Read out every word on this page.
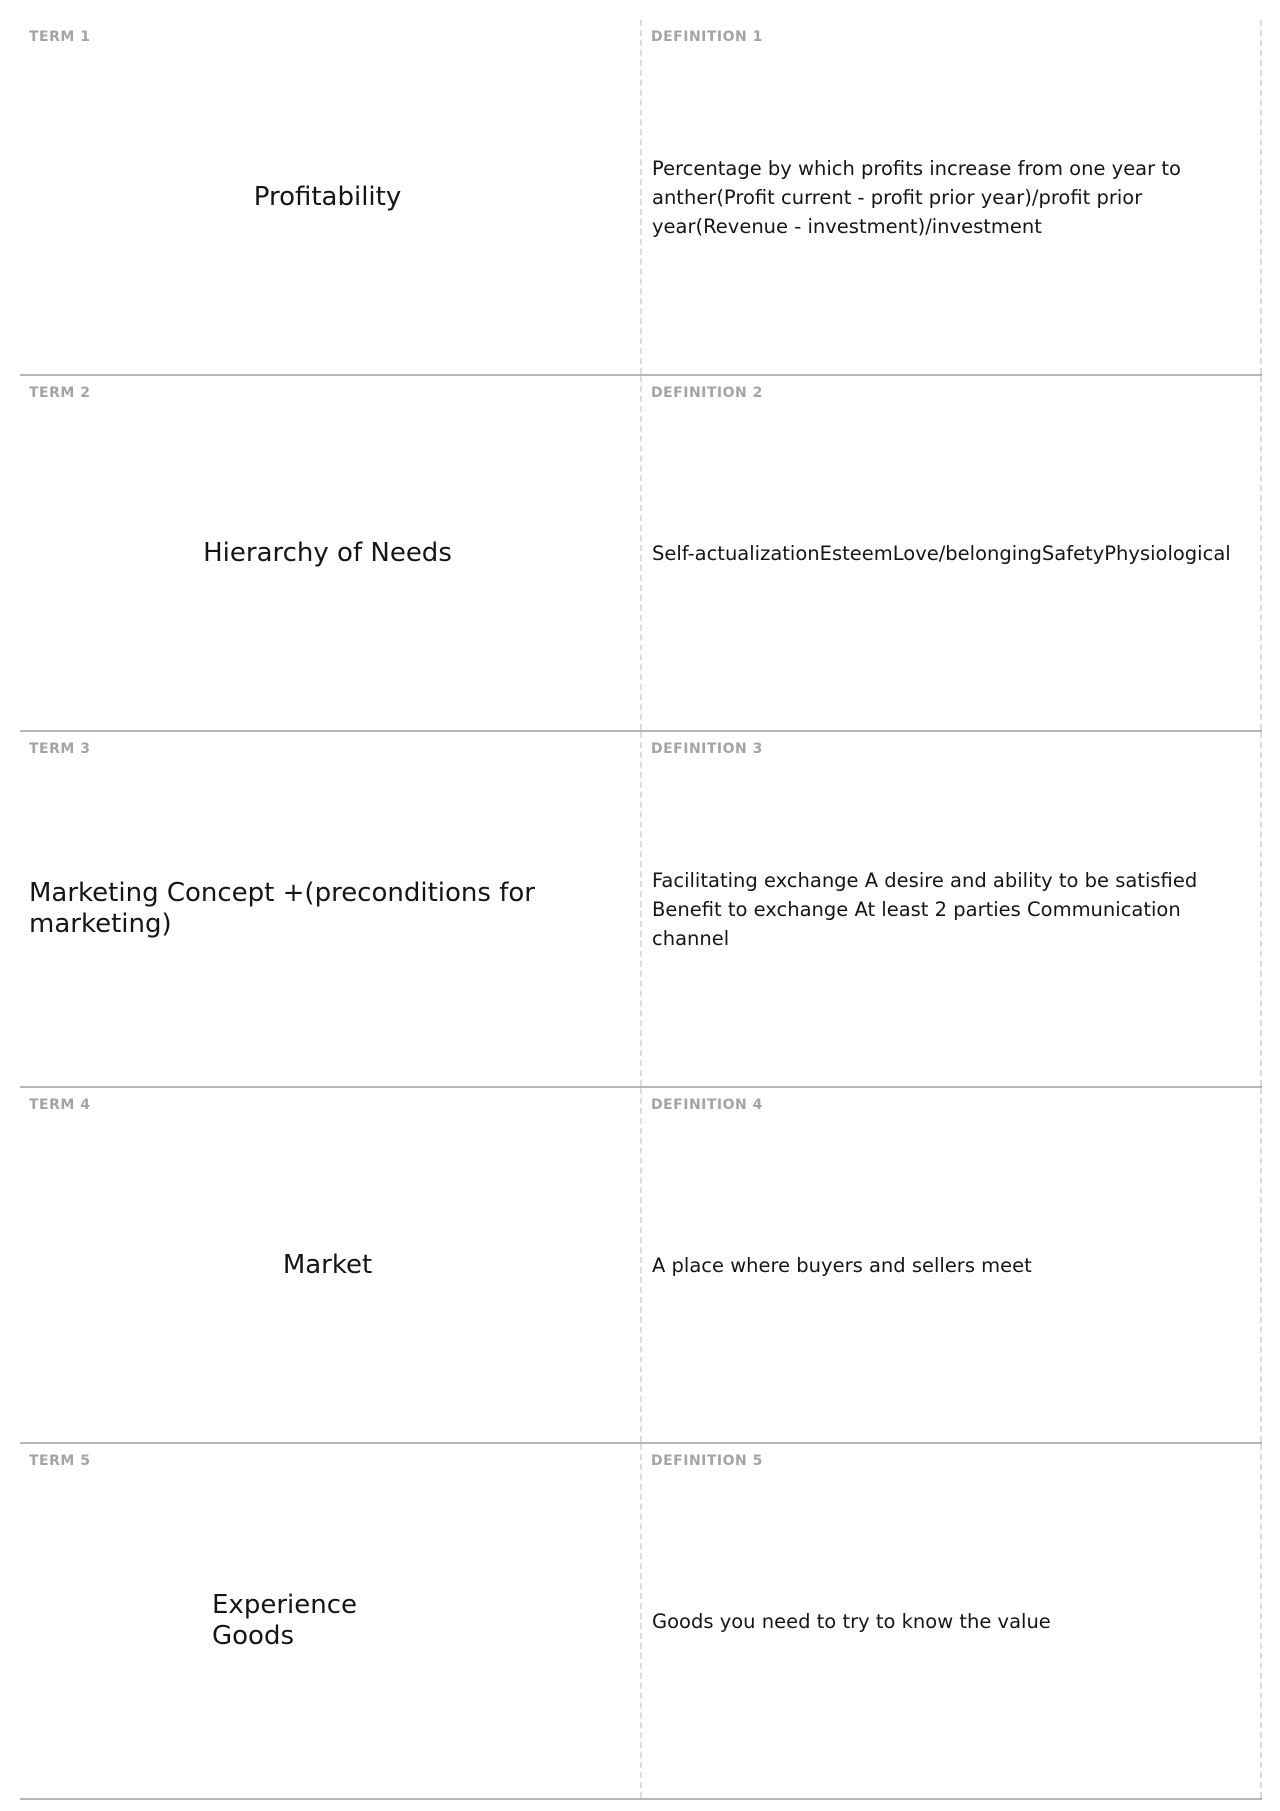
TERM 1
Profitability
DEFINITION 1
Percentage by which profits increase from one year to anther(Profit current - profit prior year)/profit prior year(Revenue - investment)/investment
TERM 2
Hierarchy of Needs
DEFINITION 2
Self-actualizationEsteemLove/belongingSafetyPhysiological
TERM 3
Marketing Concept +(preconditions for marketing)
DEFINITION 3
Facilitating exchange A desire and ability to be satisfied Benefit to exchange At least 2 parties Communication channel
TERM 4
Market
DEFINITION 4
A place where buyers and sellers meet
TERM 5
Experience Goods
DEFINITION 5
Goods you need to try to know the value
